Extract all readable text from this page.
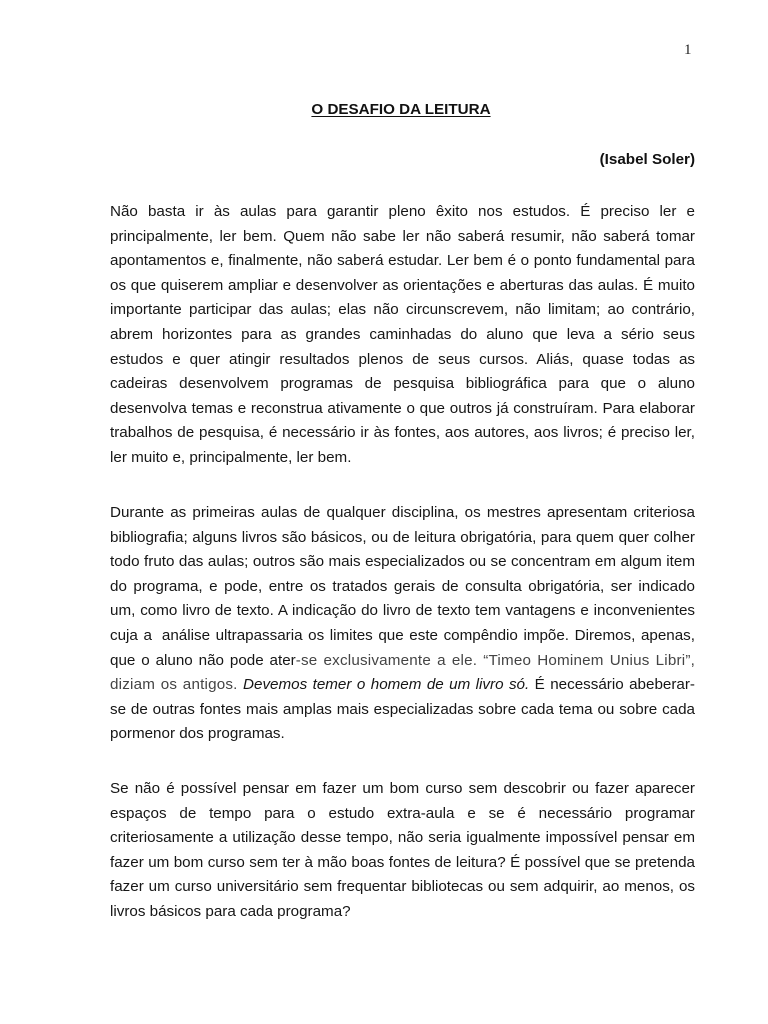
1
O DESAFIO DA LEITURA
(Isabel Soler)

Não basta ir às aulas para garantir pleno êxito nos estudos. É preciso ler e principalmente, ler bem. Quem não sabe ler não saberá resumir, não saberá tomar apontamentos e, finalmente, não saberá estudar. Ler bem é o ponto fundamental para os que quiserem ampliar e desenvolver as orientações e aberturas das aulas. É muito importante participar das aulas; elas não circunscrevem, não limitam; ao contrário, abrem horizontes para as grandes caminhadas do aluno que leva a sério seus estudos e quer atingir resultados plenos de seus cursos. Aliás, quase todas as cadeiras desenvolvem programas de pesquisa bibliográfica para que o aluno desenvolva temas e reconstrua ativamente o que outros já construíram. Para elaborar trabalhos de pesquisa, é necessário ir às fontes, aos autores, aos livros; é preciso ler, ler muito e, principalmente, ler bem.

Durante as primeiras aulas de qualquer disciplina, os mestres apresentam criteriosa bibliografia; alguns livros são básicos, ou de leitura obrigatória, para quem quer colher todo fruto das aulas; outros são mais especializados ou se concentram em algum item do programa, e pode, entre os tratados gerais de consulta obrigatória, ser indicado um, como livro de texto. A indicação do livro de texto tem vantagens e inconvenientes cuja a análise ultrapassaria os limites que este compêndio impõe. Diremos, apenas, que o aluno não pode ater-se exclusivamente a ele. “Timeo Hominem Unius Libri”, diziam os antigos. Devemos temer o homem de um livro só. É necessário abeberar-se de outras fontes mais amplas mais especializadas sobre cada tema ou sobre cada pormenor dos programas.

Se não é possível pensar em fazer um bom curso sem descobrir ou fazer aparecer espaços de tempo para o estudo extra-aula e se é necessário programar criteriosamente a utilização desse tempo, não seria igualmente impossível pensar em fazer um bom curso sem ter à mão boas fontes de leitura? É possível que se pretenda fazer um curso universitário sem frequentar bibliotecas ou sem adquirir, ao menos, os livros básicos para cada programa?
